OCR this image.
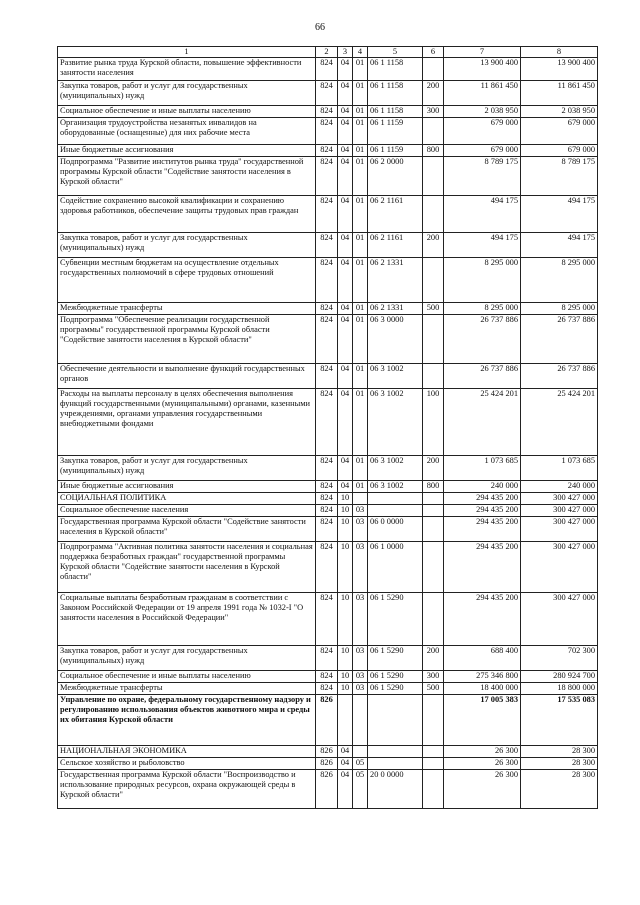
66
1	2	3	4	5	6	7	8
Развитие рынка труда Курской области, повышение эффективности занятости населения	824	04	01	06 1 1158		13 900 400	13 900 400
Закупка товаров, работ и услуг для государственных (муниципальных) нужд	824	04	01	06 1 1158	200	11 861 450	11 861 450
Социальное обеспечение и иные выплаты населению	824	04	01	06 1 1158	300	2 038 950	2 038 950
Организация трудоустройства незанятых инвалидов на оборудованные (оснащенные) для них рабочие места	824	04	01	06 1 1159		679 000	679 000
Иные бюджетные ассигнования	824	04	01	06 1 1159	800	679 000	679 000
Подпрограмма "Развитие институтов рынка труда" государственной программы Курской области "Содействие занятости населения в Курской области"	824	04	01	06 2 0000		8 789 175	8 789 175
Содействие сохранению высокой квалификации и сохранению здоровья работников, обеспечение защиты трудовых прав граждан	824	04	01	06 2 1161		494 175	494 175
Закупка товаров, работ и услуг для государственных (муниципальных) нужд	824	04	01	06 2 1161	200	494 175	494 175
Субвенции местным бюджетам на осуществление отдельных государственных полномочий в сфере трудовых отношений	824	04	01	06 2 1331		8 295 000	8 295 000
Межбюджетные трансферты	824	04	01	06 2 1331	500	8 295 000	8 295 000
Подпрограмма "Обеспечение реализации государственной программы" государственной программы Курской области "Содействие занятости населения в Курской области"	824	04	01	06 3 0000		26 737 886	26 737 886
Обеспечение деятельности и выполнение функций государственных органов	824	04	01	06 3 1002		26 737 886	26 737 886
Расходы на выплаты персоналу в целях обеспечения выполнения функций государственными (муниципальными) органами, казенными учреждениями, органами управления государственными внебюджетными фондами	824	04	01	06 3 1002	100	25 424 201	25 424 201
Закупка товаров, работ и услуг для государственных (муниципальных) нужд	824	04	01	06 3 1002	200	1 073 685	1 073 685
Иные бюджетные ассигнования	824	04	01	06 3 1002	800	240 000	240 000
СОЦИАЛЬНАЯ ПОЛИТИКА	824	10				294 435 200	300 427 000
Социальное обеспечение населения	824	10	03			294 435 200	300 427 000
Государственная программа Курской области "Содействие занятости населения в Курской области"	824	10	03	06 0 0000		294 435 200	300 427 000
Подпрограмма "Активная политика занятости населения и социальная поддержка безработных граждан" государственной программы Курской области "Содействие занятости населения в Курской области"	824	10	03	06 1 0000		294 435 200	300 427 000
Социальные выплаты безработным гражданам в соответствии с Законом Российской Федерации от 19 апреля 1991 года № 1032-I "О занятости населения в Российской Федерации"	824	10	03	06 1 5290		294 435 200	300 427 000
Закупка товаров, работ и услуг для государственных (муниципальных) нужд	824	10	03	06 1 5290	200	688 400	702 300
Социальное обеспечение и иные выплаты населению	824	10	03	06 1 5290	300	275 346 800	280 924 700
Межбюджетные трансферты	824	10	03	06 1 5290	500	18 400 000	18 800 000
Управление по охране, федеральному государственному надзору и регулированию использования объектов животного мира и среды их обитания Курской области	826					17 005 383	17 535 083
НАЦИОНАЛЬНАЯ ЭКОНОМИКА	826	04				26 300	28 300
Сельское хозяйство и рыболовство	826	04	05			26 300	28 300
Государственная программа Курской области "Воспроизводство и использование природных ресурсов, охрана окружающей среды в Курской области"	826	04	05	20 0 0000		26 300	28 300
